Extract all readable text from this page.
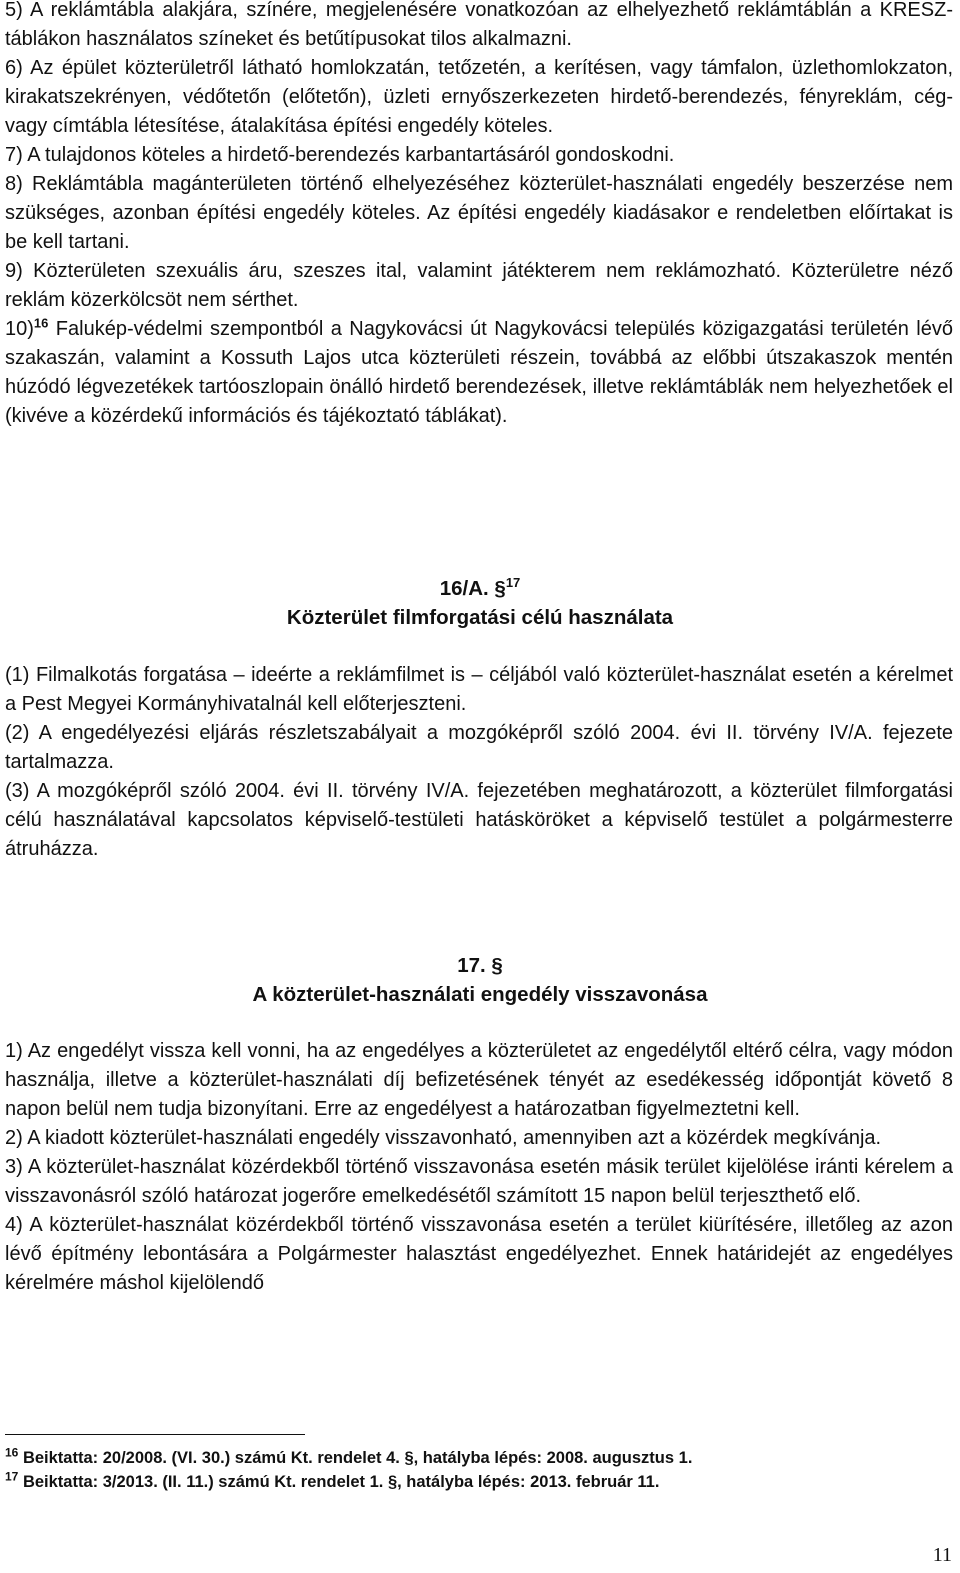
5) A reklámtábla alakjára, színére, megjelenésére vonatkozóan az elhelyezhető reklámtáblán a KRESZ-táblákon használatos színeket és betűtípusokat tilos alkalmazni.

6) Az épület közterületről látható homlokzatán, tetőzetén, a kerítésen, vagy támfalon, üzlethomlokzaton, kirakatszekrényen, védőtetőn (előtetőn), üzleti ernyőszerkezeten hirdető-berendezés, fényreklám, cég- vagy címtábla létesítése, átalakítása építési engedély köteles.

7) A tulajdonos köteles a hirdető-berendezés karbantartásáról gondoskodni.

8) Reklámtábla magánterületen történő elhelyezéséhez közterület-használati engedély beszerzése nem szükséges, azonban építési engedély köteles. Az építési engedély kiadásakor e rendeletben előírtakat is be kell tartani.

9) Közterületen szexuális áru, szeszes ital, valamint játékterem nem reklámozható. Közterületre néző reklám közerkölcsöt nem sérthet.

10)$^{16}$ Falukép-védelmi szempontból a Nagykovácsi út Nagykovácsi település közigazgatási területén lévő szakaszán, valamint a Kossuth Lajos utca közterületi részein, továbbá az előbbi útszakaszok mentén húzódó légvezetékek tartóoszlopain önálló hirdető berendezések, illetve reklámtáblák nem helyezhetőek el (kivéve a közérdekű információs és tájékoztató táblákat).

16/A. §$^{17}$
Közterület filmforgatási célú használata

(1) Filmalkotás forgatása – ideérte a reklámfilmet is – céljából való közterület-használat esetén a kérelmet a Pest Megyei Kormányhivatalnál kell előterjeszteni.

(2) A engedélyezési eljárás részletszabályait a mozgóképről szóló 2004. évi II. törvény IV/A. fejezete tartalmazza.

(3) A mozgóképről szóló 2004. évi II. törvény IV/A. fejezetében meghatározott, a közterület filmforgatási célú használatával kapcsolatos képviselő-testületi hatásköröket a képviselő testület a polgármesterre átruházza.

17. §
A közterület-használati engedély visszavonása

1) Az engedélyt vissza kell vonni, ha az engedélyes a közterületet az engedélytől eltérő célra, vagy módon használja, illetve a közterület-használati díj befizetésének tényét az esedékesség időpontját követő 8 napon belül nem tudja bizonyítani. Erre az engedélyest a határozatban figyelmeztetni kell.

2) A kiadott közterület-használati engedély visszavonható, amennyiben azt a közérdek megkívánja.

3) A közterület-használat közérdekből történő visszavonása esetén másik terület kijelölése iránti kérelem a visszavonásról szóló határozat jogerőre emelkedésétől számított 15 napon belül terjeszthető elő.

4) A közterület-használat közérdekből történő visszavonása esetén a terület kiürítésére, illetőleg az azon lévő építmény lebontására a Polgármester halasztást engedélyezhet. Ennek határidejét az engedélyes kérelmére máshol kijelölendő

$^{16}$ Beiktatta: 20/2008. (VI. 30.) számú Kt. rendelet 4. §, hatályba lépés: 2008. augusztus 1.
$^{17}$ Beiktatta: 3/2013. (II. 11.) számú Kt. rendelet 1. §, hatályba lépés: 2013. február 11.
11
